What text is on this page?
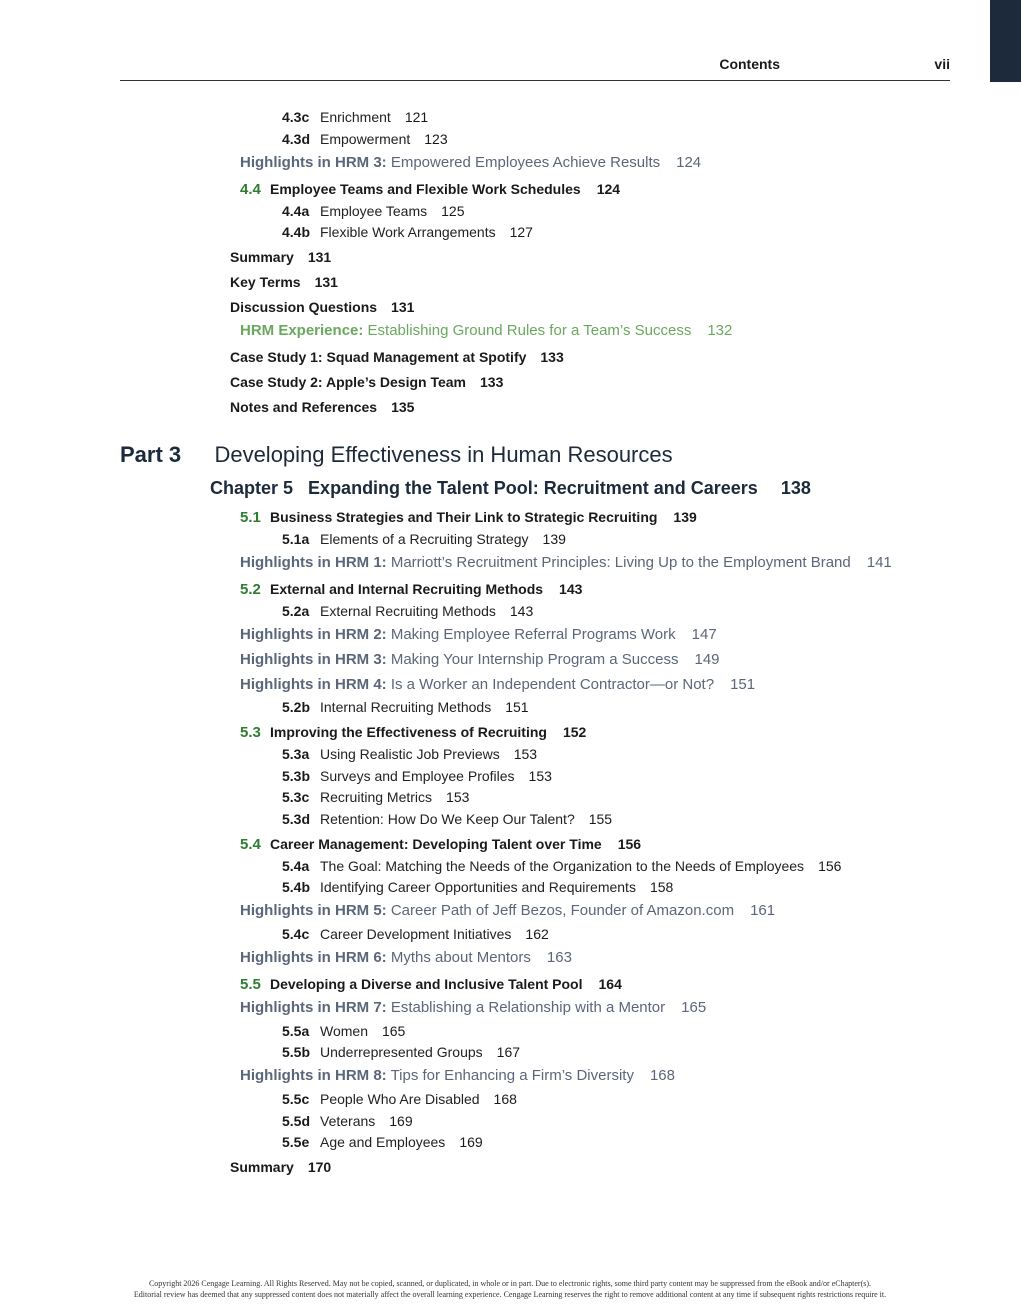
Contents	vii
4.3c Enrichment 121
4.3d Empowerment 123
Highlights in HRM 3: Empowered Employees Achieve Results 124
4.4 Employee Teams and Flexible Work Schedules 124
4.4a Employee Teams 125
4.4b Flexible Work Arrangements 127
Summary 131
Key Terms 131
Discussion Questions 131
HRM Experience: Establishing Ground Rules for a Team’s Success 132
Case Study 1: Squad Management at Spotify 133
Case Study 2: Apple’s Design Team 133
Notes and References 135
Part 3 Developing Effectiveness in Human Resources
Chapter 5 Expanding the Talent Pool: Recruitment and Careers 138
5.1 Business Strategies and Their Link to Strategic Recruiting 139
5.1a Elements of a Recruiting Strategy 139
Highlights in HRM 1: Marriott’s Recruitment Principles: Living Up to the Employment Brand 141
5.2 External and Internal Recruiting Methods 143
5.2a External Recruiting Methods 143
Highlights in HRM 2: Making Employee Referral Programs Work 147
Highlights in HRM 3: Making Your Internship Program a Success 149
Highlights in HRM 4: Is a Worker an Independent Contractor—or Not? 151
5.2b Internal Recruiting Methods 151
5.3 Improving the Effectiveness of Recruiting 152
5.3a Using Realistic Job Previews 153
5.3b Surveys and Employee Profiles 153
5.3c Recruiting Metrics 153
5.3d Retention: How Do We Keep Our Talent? 155
5.4 Career Management: Developing Talent over Time 156
5.4a The Goal: Matching the Needs of the Organization to the Needs of Employees 156
5.4b Identifying Career Opportunities and Requirements 158
Highlights in HRM 5: Career Path of Jeff Bezos, Founder of Amazon.com 161
5.4c Career Development Initiatives 162
Highlights in HRM 6: Myths about Mentors 163
5.5 Developing a Diverse and Inclusive Talent Pool 164
Highlights in HRM 7: Establishing a Relationship with a Mentor 165
5.5a Women 165
5.5b Underrepresented Groups 167
Highlights in HRM 8: Tips for Enhancing a Firm’s Diversity 168
5.5c People Who Are Disabled 168
5.5d Veterans 169
5.5e Age and Employees 169
Summary 170
Copyright 2026 Cengage Learning. All Rights Reserved. May not be copied, scanned, or duplicated, in whole or in part. Due to electronic rights, some third party content may be suppressed from the eBook and/or eChapter(s).
Editorial review has deemed that any suppressed content does not materially affect the overall learning experience. Cengage Learning reserves the right to remove additional content at any time if subsequent rights restrictions require it.
